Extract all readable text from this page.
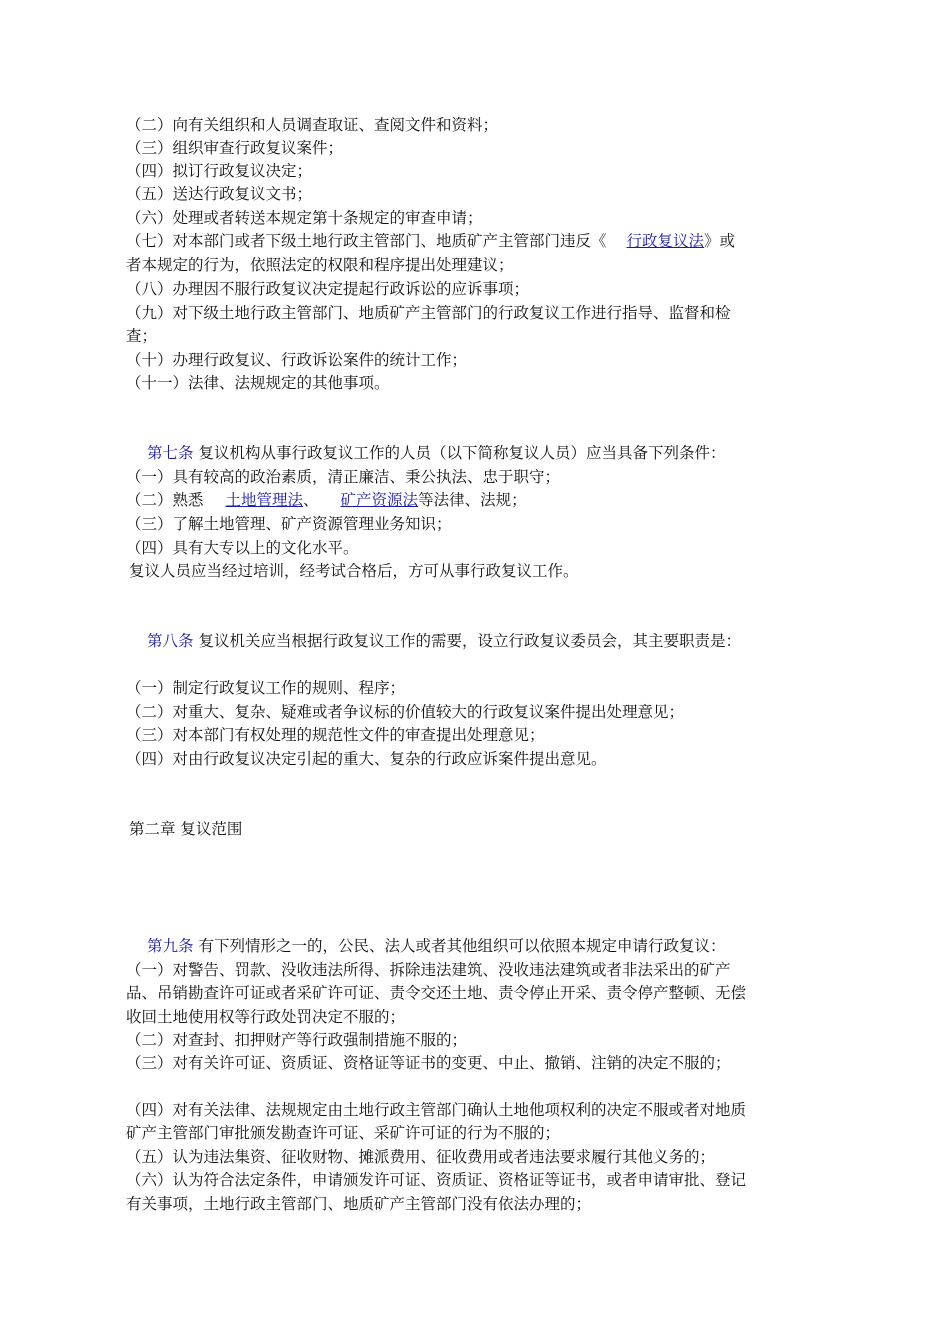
（二）向有关组织和人员调查取证、查阅文件和资料；
（三）组织审查行政复议案件；
（四）拟订行政复议决定；
（五）送达行政复议文书；
（六）处理或者转送本规定第十条规定的审查申请；
（七）对本部门或者下级土地行政主管部门、地质矿产主管部门违反《 行政复议法》或
者本规定的行为，依照法定的权限和程序提出处理建议；
（八）办理因不服行政复议决定提起行政诉讼的应诉事项；
（九）对下级土地行政主管部门、地质矿产主管部门的行政复议工作进行指导、监督和检
查；
（十）办理行政复议、行政诉讼案件的统计工作；
（十一）法律、法规规定的其他事项。
第七条 复议机构从事行政复议工作的人员（以下简称复议人员）应当具备下列条件：
（一）具有较高的政治素质，清正廉洁、秉公执法、忠于职守；
（二）熟悉 土地管理法、 矿产资源法等法律、法规；
（三）了解土地管理、矿产资源管理业务知识；
（四）具有大专以上的文化水平。
复议人员应当经过培训，经考试合格后，方可从事行政复议工作。
第八条 复议机关应当根据行政复议工作的需要，设立行政复议委员会，其主要职责是：
（一）制定行政复议工作的规则、程序；
（二）对重大、复杂、疑难或者争议标的价值较大的行政复议案件提出处理意见；
（三）对本部门有权处理的规范性文件的审查提出处理意见；
（四）对由行政复议决定引起的重大、复杂的行政应诉案件提出意见。
第二章 复议范围
第九条 有下列情形之一的，公民、法人或者其他组织可以依照本规定申请行政复议：
（一）对警告、罚款、没收违法所得、拆除违法建筑、没收违法建筑或者非法采出的矿产
品、吊销勘查许可证或者采矿许可证、责令交还土地、责令停止开采、责令停产整顿、无偿
收回土地使用权等行政处罚决定不服的；
（二）对查封、扣押财产等行政强制措施不服的；
（三）对有关许可证、资质证、资格证等证书的变更、中止、撤销、注销的决定不服的；
（四）对有关法律、法规规定由土地行政主管部门确认土地他项权利的决定不服或者对地质
矿产主管部门审批颁发勘查许可证、采矿许可证的行为不服的；
（五）认为违法集资、征收财物、摊派费用、征收费用或者违法要求履行其他义务的；
（六）认为符合法定条件，申请颁发许可证、资质证、资格证等证书，或者申请审批、登记
有关事项，土地行政主管部门、地质矿产主管部门没有依法办理的；
